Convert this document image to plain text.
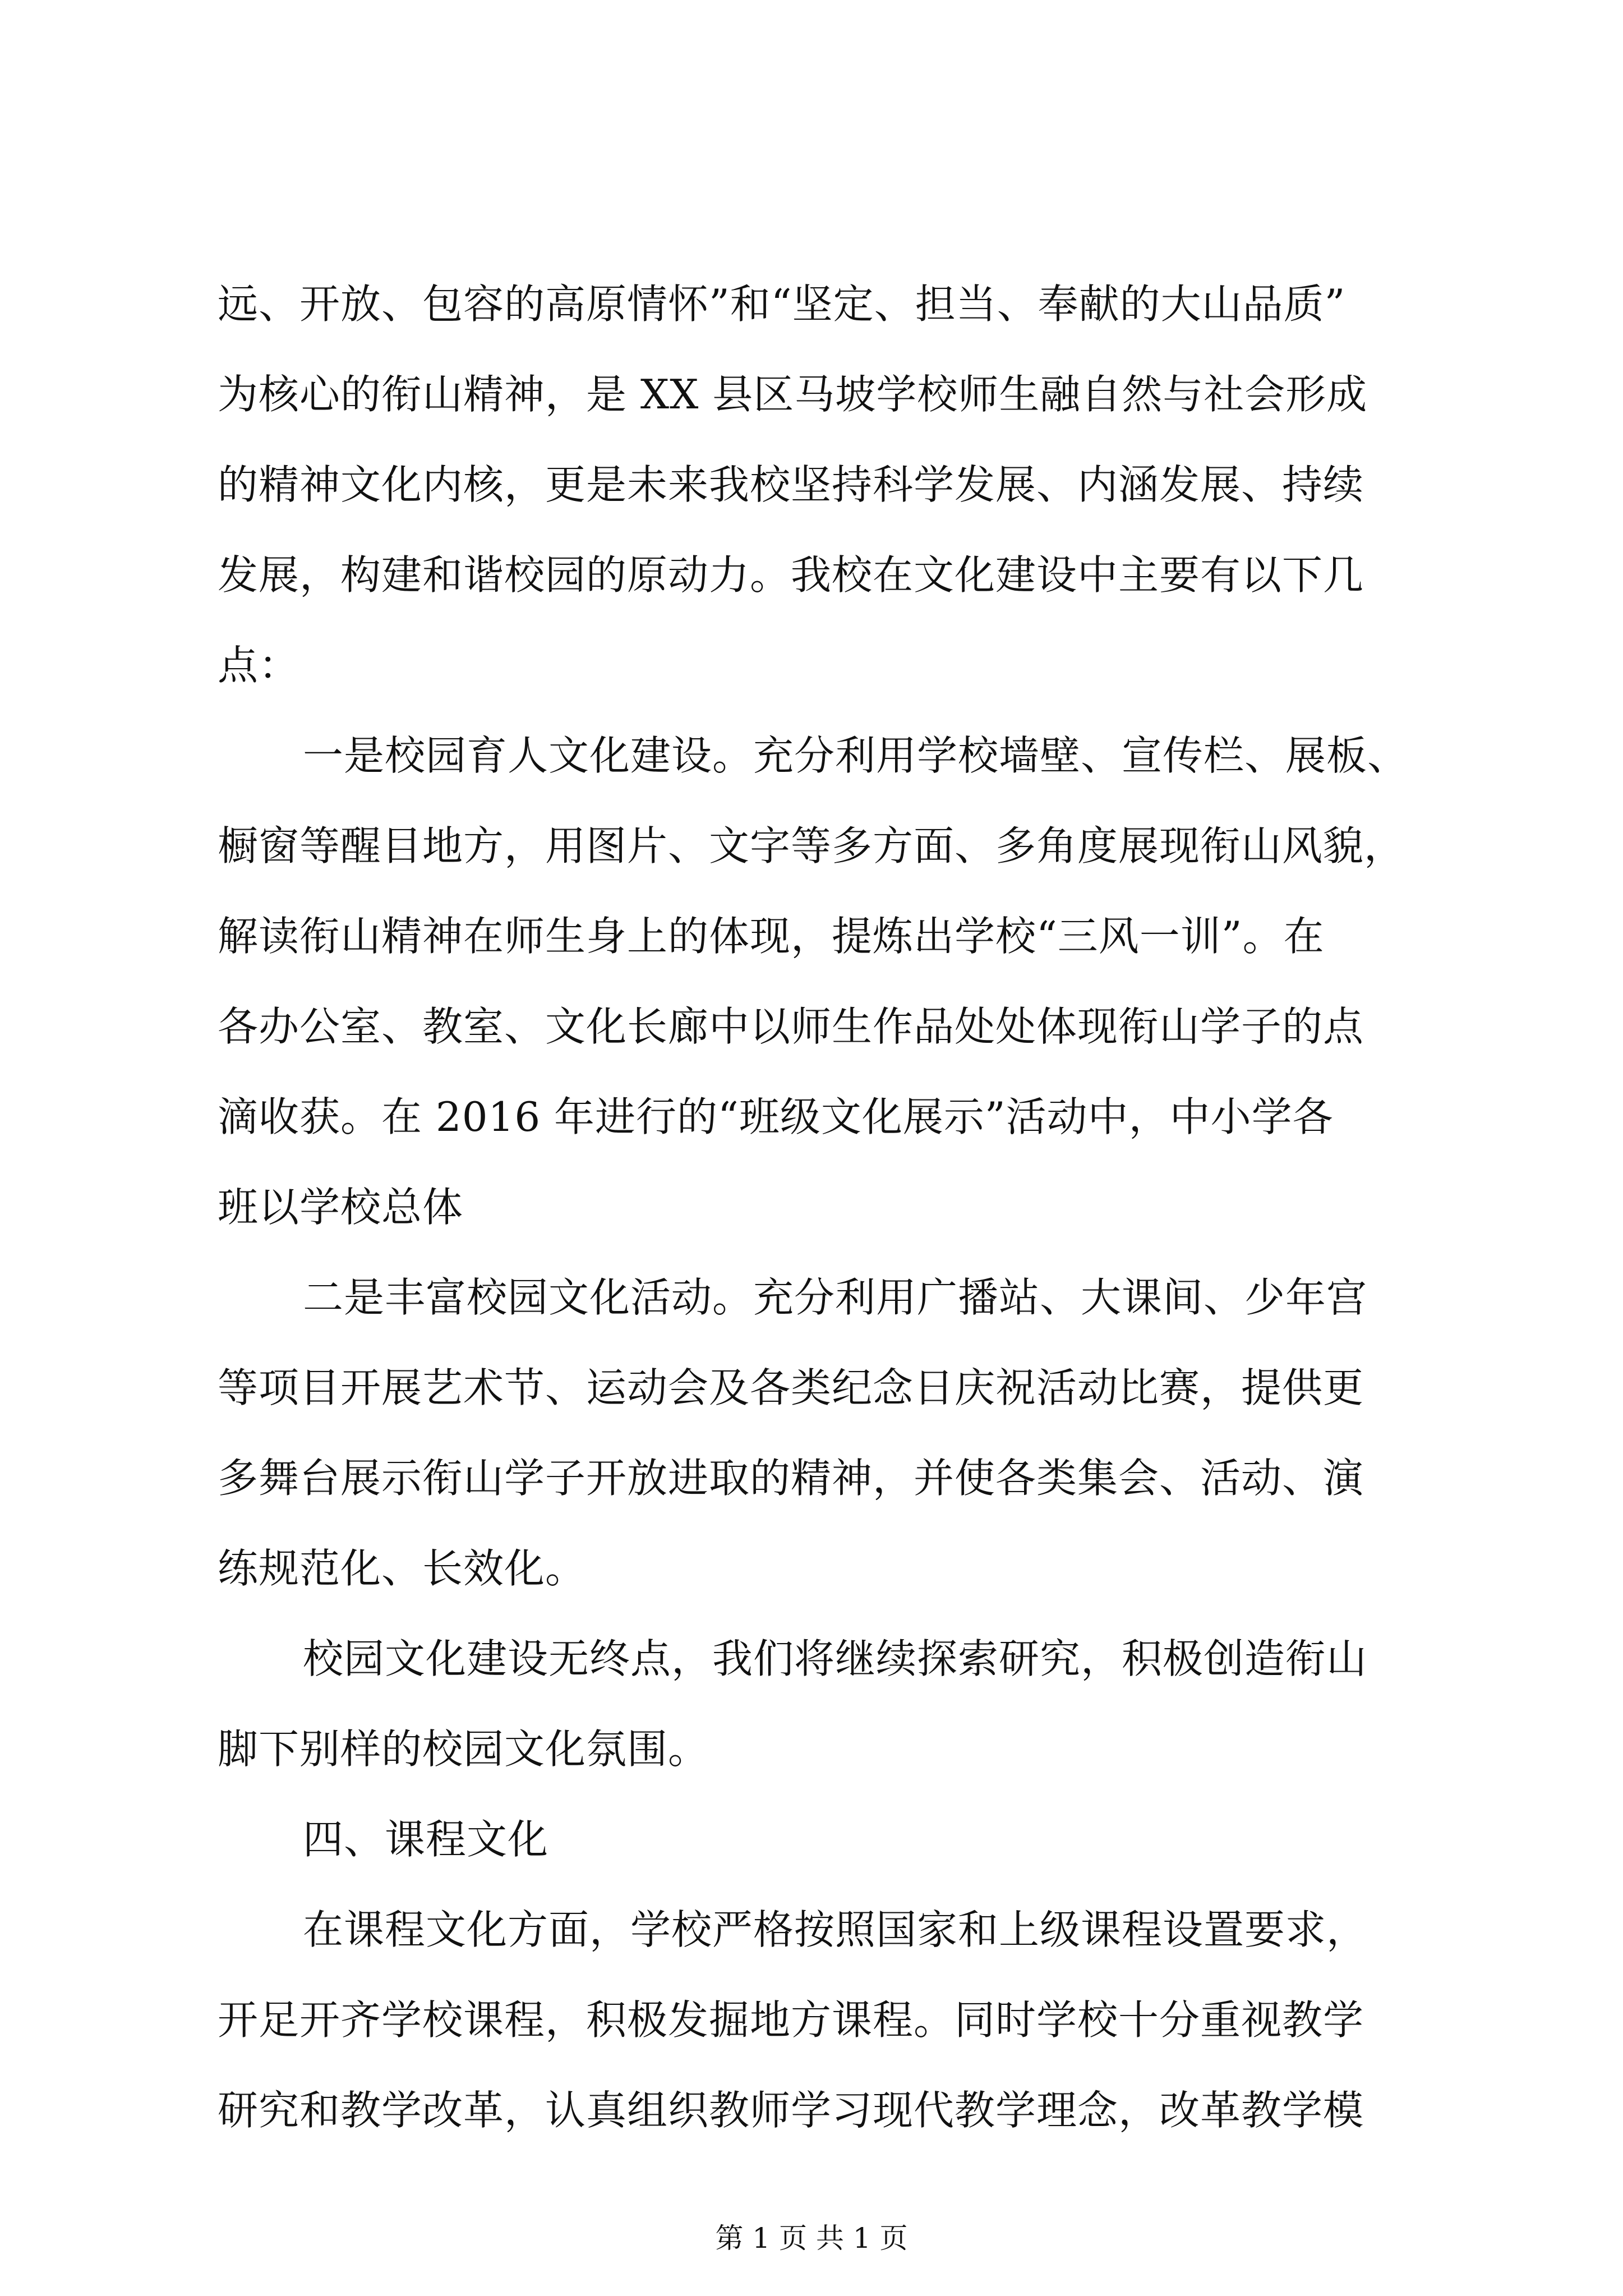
远、开放、包容的高原情怀”和“坚定、担当、奉献的大山品质”
为核心的衔山精神，是 XX 县区马坡学校师生融自然与社会形成
的精神文化内核，更是未来我校坚持科学发展、内涵发展、持续
发展，构建和谐校园的原动力。我校在文化建设中主要有以下几
点：
一是校园育人文化建设。充分利用学校墙壁、宣传栏、展板、
橱窗等醒目地方，用图片、文字等多方面、多角度展现衔山风貌，
解读衔山精神在师生身上的体现，提炼出学校“三风一训”。在
各办公室、教室、文化长廊中以师生作品处处体现衔山学子的点
滴收获。在 2016 年进行的“班级文化展示”活动中，中小学各
班以学校总体
二是丰富校园文化活动。充分利用广播站、大课间、少年宫
等项目开展艺术节、运动会及各类纪念日庆祝活动比赛，提供更
多舞台展示衔山学子开放进取的精神，并使各类集会、活动、演
练规范化、长效化。
校园文化建设无终点，我们将继续探索研究，积极创造衔山
脚下别样的校园文化氛围。
四、课程文化
在课程文化方面，学校严格按照国家和上级课程设置要求，
开足开齐学校课程，积极发掘地方课程。同时学校十分重视教学
研究和教学改革，认真组织教师学习现代教学理念，改革教学模
第 1 页 共 1 页
